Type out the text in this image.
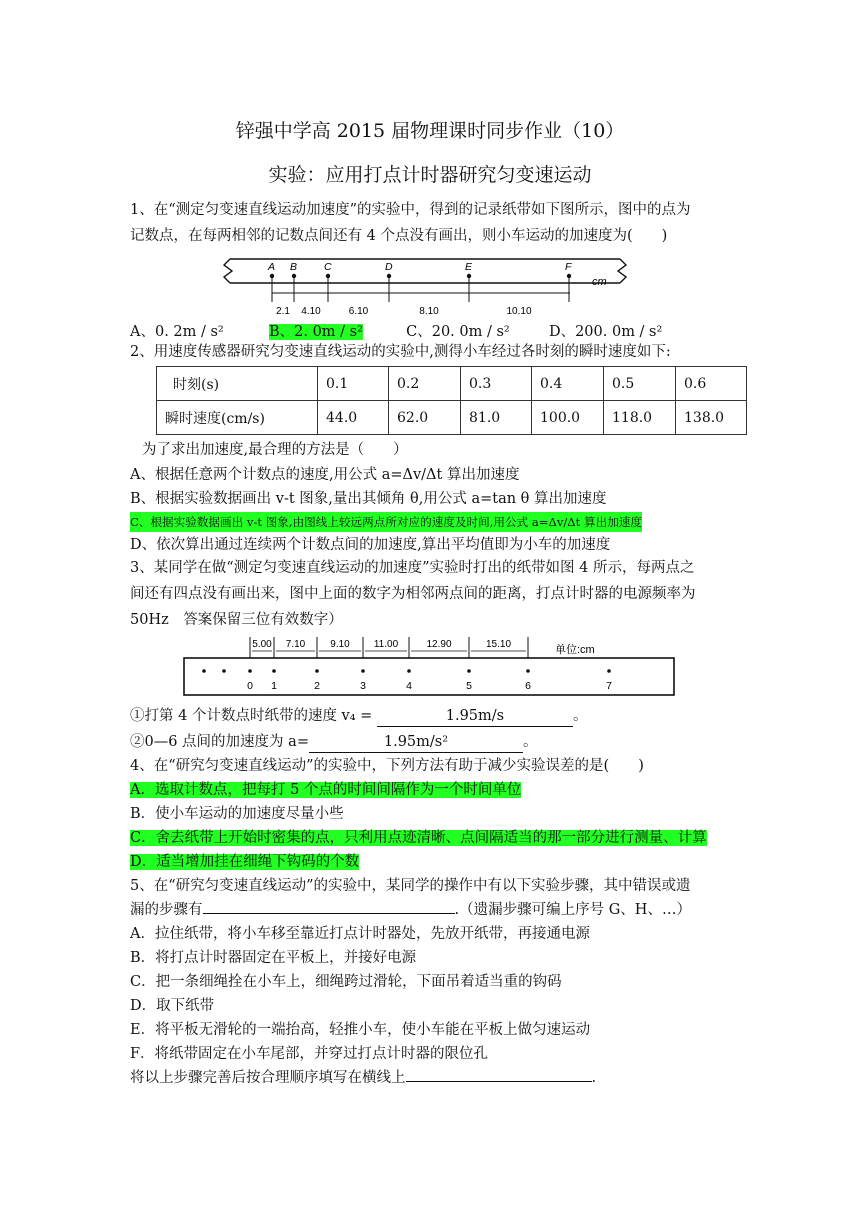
锌强中学高 2015 届物理课时同步作业（10）
实验：应用打点计时器研究匀变速运动
1、在“测定匀变速直线运动加速度”的实验中，得到的记录纸带如下图所示，图中的点为
记数点，在每两相邻的记数点间还有 4 个点没有画出，则小车运动的加速度为(　　)
A B	C	D	E	F
2.1 4.10	6.10	8.10	10.10
cm
A、0. 2m / s²	B、2. 0m / s²	C、20. 0m / s²	D、200. 0m / s²
2、用速度传感器研究匀变速直线运动的实验中,测得小车经过各时刻的瞬时速度如下:
时刻(s)	0.1	0.2	0.3	0.4	0.5	0.6
瞬时速度(cm/s)	44.0	62.0	81.0	100.0	118.0	138.0
为了求出加速度,最合理的方法是（　　）
A、根据任意两个计数点的速度,用公式 a=Δv/Δt 算出加速度
B、根据实验数据画出 v-t 图象,量出其倾角 θ,用公式 a=tan θ 算出加速度
C、根据实验数据画出 v-t 图象,由图线上较远两点所对应的速度及时间,用公式 a=Δv/Δt 算出加速度
D、依次算出通过连续两个计数点间的加速度,算出平均值即为小车的加速度
3、某同学在做“测定匀变速直线运动的加速度”实验时打出的纸带如图 4 所示，每两点之
间还有四点没有画出来，图中上面的数字为相邻两点间的距离，打点计时器的电源频率为
50Hz　答案保留三位有效数字）
0 1	2	3	4	5	6	7
5.00 7.10	9.10 11.00	12.90	15.10	单位:cm
①打第 4 个计数点时纸带的速度 v₄ =	1.95m/s	。
②0—6 点间的加速度为 a=	1.95m/s²	。
4、在“研究匀变速直线运动”的实验中，下列方法有助于减少实验误差的是(　　)
A．选取计数点，把每打 5 个点的时间间隔作为一个时间单位
B．使小车运动的加速度尽量小些
C．舍去纸带上开始时密集的点，只利用点迹清晰、点间隔适当的那一部分进行测量、计算
D．适当增加挂在细绳下钩码的个数
5、在“研究匀变速直线运动”的实验中，某同学的操作中有以下实验步骤，其中错误或遗
漏的步骤有	.（遗漏步骤可编上序号 G、H、…）
A．拉住纸带，将小车移至靠近打点计时器处，先放开纸带，再接通电源
B．将打点计时器固定在平板上，并接好电源
C．把一条细绳拴在小车上，细绳跨过滑轮，下面吊着适当重的钩码
D．取下纸带
E．将平板无滑轮的一端抬高，轻推小车，使小车能在平板上做匀速运动
F．将纸带固定在小车尾部，并穿过打点计时器的限位孔
将以上步骤完善后按合理顺序填写在横线上	.
